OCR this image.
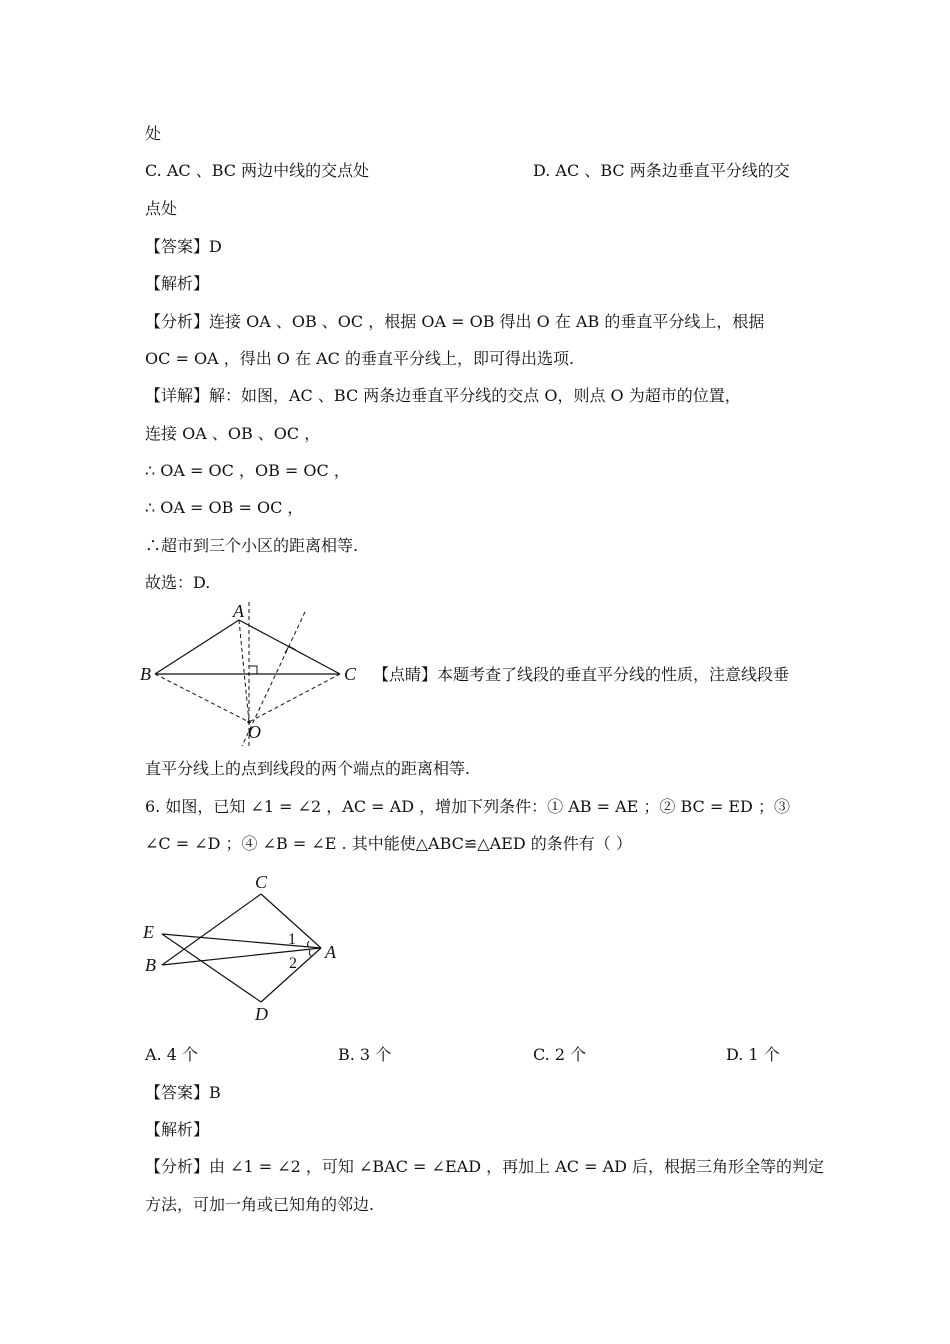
处
C. AC 、BC 两边中线的交点处	D. AC 、BC 两条边垂直平分线的交
点处
【答案】D
【解析】
【分析】连接 OA 、OB 、OC ，根据 OA = OB 得出 O 在 AB 的垂直平分线上，根据
OC = OA ，得出 O 在 AC 的垂直平分线上，即可得出选项.
【详解】解：如图，AC 、BC 两条边垂直平分线的交点 O，则点 O 为超市的位置，
连接 OA 、OB 、OC ，
∴ OA = OC ，OB = OC ，
∴ OA = OB = OC ，
∴超市到三个小区的距离相等.
故选：D.
A
B	C
O
【点睛】本题考查了线段的垂直平分线的性质，注意线段垂
直平分线上的点到线段的两个端点的距离相等.
6. 如图，已知 ∠1 = ∠2 ，AC = AD ，增加下列条件：① AB = AE ；② BC = ED ；③
∠C = ∠D ；④ ∠B = ∠E . 其中能使△ABC≌△AED 的条件有（ ）
C
E
B
A
D
1
2
A. 4 个	B. 3 个	C. 2 个	D. 1 个
【答案】B
【解析】
【分析】由 ∠1 = ∠2 ，可知 ∠BAC = ∠EAD ，再加上 AC = AD 后，根据三角形全等的判定
方法，可加一角或已知角的邻边.
